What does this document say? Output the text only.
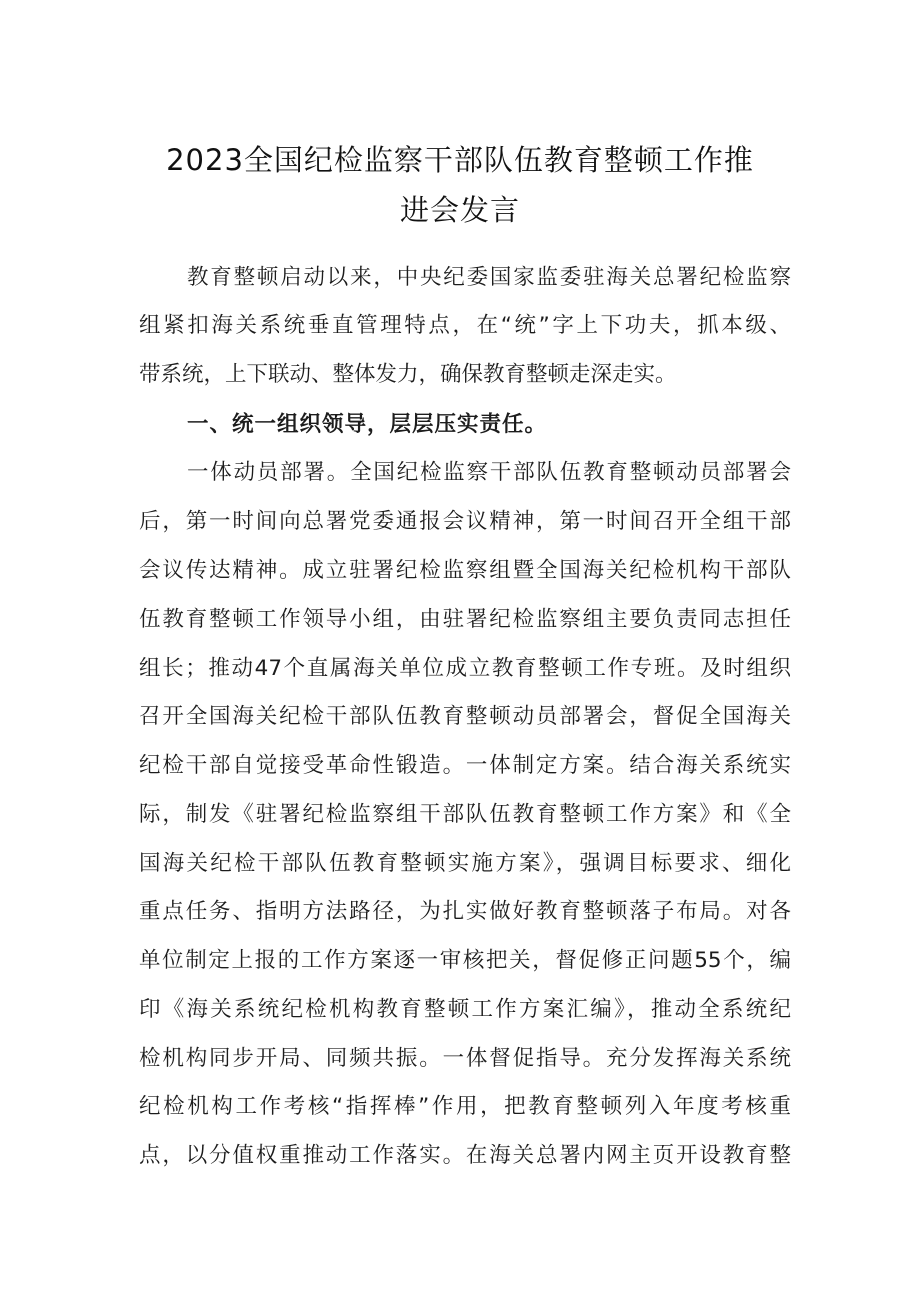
2023全国纪检监察干部队伍教育整顿工作推
进会发言
教育整顿启动以来，中央纪委国家监委驻海关总署纪检监察
组紧扣海关系统垂直管理特点，在“统”字上下功夫，抓本级、
带系统，上下联动、整体发力，确保教育整顿走深走实。
一、统一组织领导，层层压实责任。
一体动员部署。全国纪检监察干部队伍教育整顿动员部署会
后，第一时间向总署党委通报会议精神，第一时间召开全组干部
会议传达精神。成立驻署纪检监察组暨全国海关纪检机构干部队
伍教育整顿工作领导小组，由驻署纪检监察组主要负责同志担任
组长；推动47个直属海关单位成立教育整顿工作专班。及时组织
召开全国海关纪检干部队伍教育整顿动员部署会，督促全国海关
纪检干部自觉接受革命性锻造。一体制定方案。结合海关系统实
际，制发《驻署纪检监察组干部队伍教育整顿工作方案》和《全
国海关纪检干部队伍教育整顿实施方案》，强调目标要求、细化
重点任务、指明方法路径，为扎实做好教育整顿落子布局。对各
单位制定上报的工作方案逐一审核把关，督促修正问题55个，编
印《海关系统纪检机构教育整顿工作方案汇编》，推动全系统纪
检机构同步开局、同频共振。一体督促指导。充分发挥海关系统
纪检机构工作考核“指挥棒”作用，把教育整顿列入年度考核重
点，以分值权重推动工作落实。在海关总署内网主页开设教育整
